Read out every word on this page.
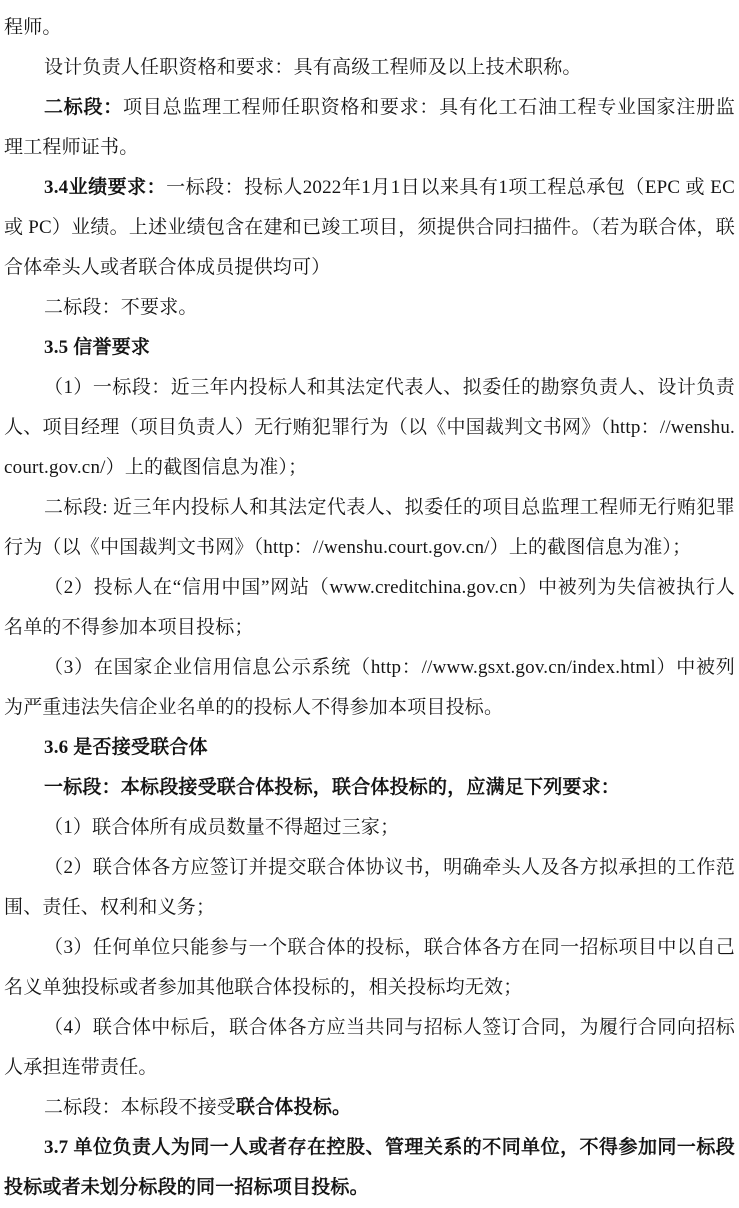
程师。

设计负责人任职资格和要求：具有高级工程师及以上技术职称。

二标段：项目总监理工程师任职资格和要求：具有化工石油工程专业国家注册监理工程师证书。

3.4业绩要求：一标段：投标人2022年1月1日以来具有1项工程总承包（EPC 或 EC 或 PC）业绩。上述业绩包含在建和已竣工项目，须提供合同扫描件。（若为联合体，联合体牵头人或者联合体成员提供均可）

二标段：不要求。

3.5 信誉要求

（1）一标段：近三年内投标人和其法定代表人、拟委任的勘察负责人、设计负责人、项目经理（项目负责人）无行贿犯罪行为（以《中国裁判文书网》（http：//wenshu.court.gov.cn/）上的截图信息为准）；

二标段: 近三年内投标人和其法定代表人、拟委任的项目总监理工程师无行贿犯罪行为（以《中国裁判文书网》（http：//wenshu.court.gov.cn/）上的截图信息为准）；

（2）投标人在“信用中国”网站（www.creditchina.gov.cn）中被列为失信被执行人名单的不得参加本项目投标；

（3）在国家企业信用信息公示系统（http：//www.gsxt.gov.cn/index.html）中被列为严重违法失信企业名单的的投标人不得参加本项目投标。

3.6 是否接受联合体

一标段：本标段接受联合体投标，联合体投标的，应满足下列要求：

（1）联合体所有成员数量不得超过三家；

（2）联合体各方应签订并提交联合体协议书，明确牵头人及各方拟承担的工作范围、责任、权利和义务；

（3）任何单位只能参与一个联合体的投标，联合体各方在同一招标项目中以自己名义单独投标或者参加其他联合体投标的，相关投标均无效；

（4）联合体中标后，联合体各方应当共同与招标人签订合同，为履行合同向招标人承担连带责任。

二标段：本标段不接受联合体投标。

3.7 单位负责人为同一人或者存在控股、管理关系的不同单位，不得参加同一标段投标或者未划分标段的同一招标项目投标。
